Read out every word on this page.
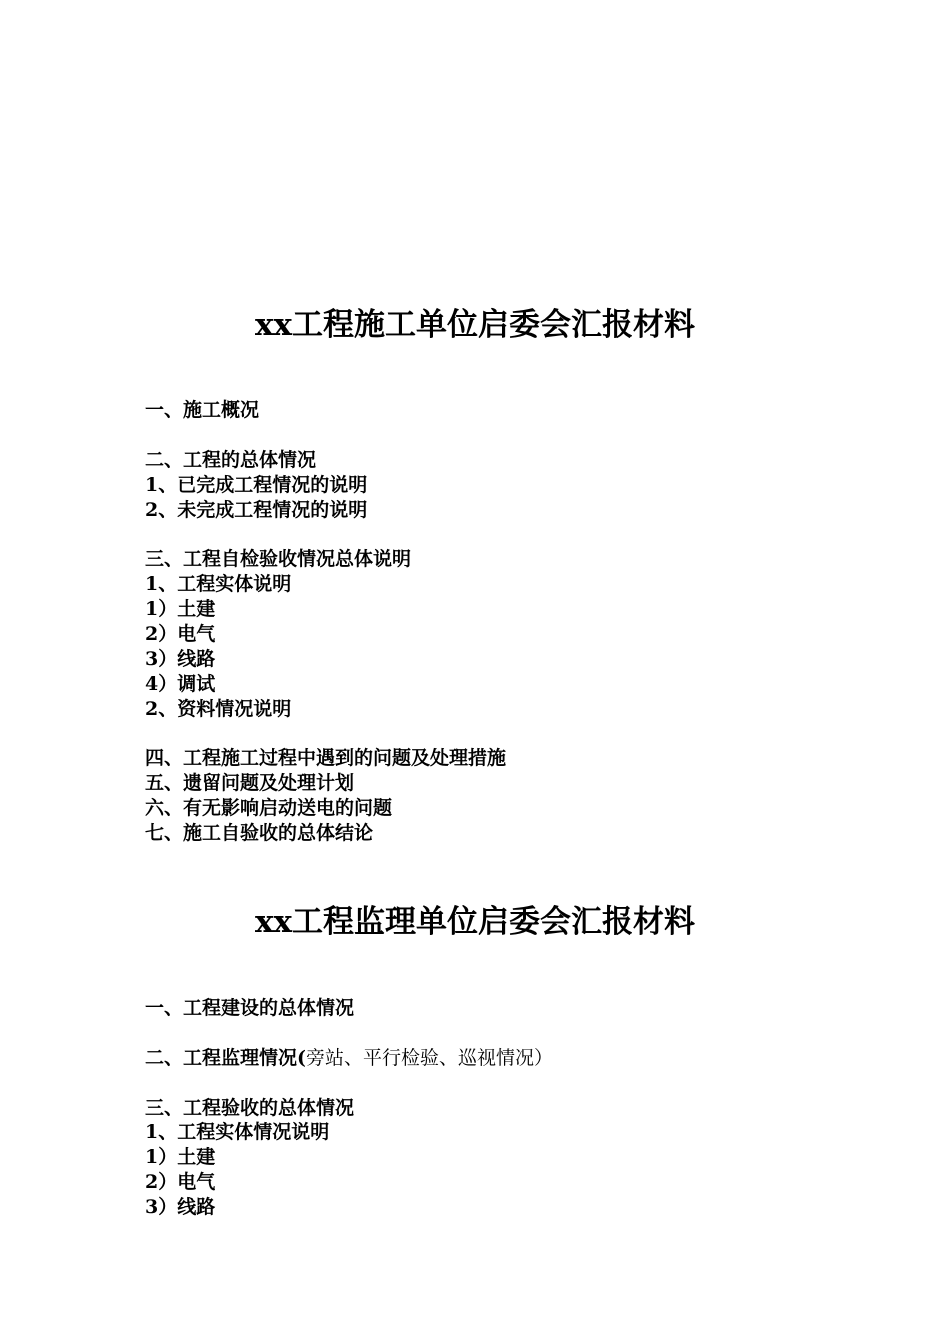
xx工程施工单位启委会汇报材料
一、施工概况
二、工程的总体情况
1、已完成工程情况的说明
2、未完成工程情况的说明
三、工程自检验收情况总体说明
1、工程实体说明
1）土建
2）电气
3）线路
4）调试
2、资料情况说明
四、工程施工过程中遇到的问题及处理措施
五、遗留问题及处理计划
六、有无影响启动送电的问题
七、施工自验收的总体结论
xx工程监理单位启委会汇报材料
一、工程建设的总体情况
二、工程监理情况(旁站、平行检验、巡视情况）
三、工程验收的总体情况
1、工程实体情况说明
1）土建
2）电气
3）线路
